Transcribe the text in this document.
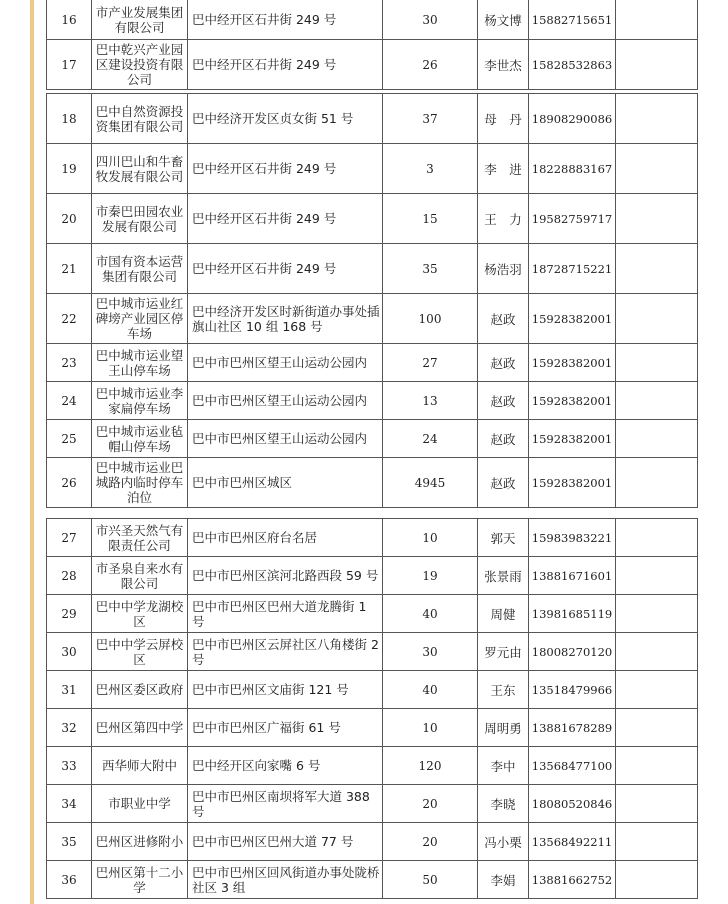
16	市产业发展集团有限公司	巴中经开区石井街 249 号	30	杨文博	15882715651	
17	巴中乾兴产业园区建设投资有限公司	巴中经开区石井街 249 号	26	李世杰	15828532863	
18	巴中自然资源投资集团有限公司	巴中经济开发区贞女街 51 号	37	母　丹	18908290086	
19	四川巴山和牛畜牧发展有限公司	巴中经开区石井街 249 号	3	李　进	18228883167	
20	市秦巴田园农业发展有限公司	巴中经开区石井街 249 号	15	王　力	19582759717	
21	市国有资本运营集团有限公司	巴中经开区石井街 249 号	35	杨浩羽	18728715221	
22	巴中城市运业红碑塝产业园区停车场	巴中经济开发区时新街道办事处插旗山社区 10 组 168 号	100	赵政	15928382001	
23	巴中城市运业望王山停车场	巴中市巴州区望王山运动公园内	27	赵政	15928382001	
24	巴中城市运业李家扁停车场	巴中市巴州区望王山运动公园内	13	赵政	15928382001	
25	巴中城市运业毡帽山停车场	巴中市巴州区望王山运动公园内	24	赵政	15928382001	
26	巴中城市运业巴城路内临时停车泊位	巴中市巴州区城区	4945	赵政	15928382001	
27	市兴圣天然气有限责任公司	巴中市巴州区府台名居	10	郭天	15983983221	
28	市圣泉自来水有限公司	巴中市巴州区滨河北路西段 59 号	19	张景雨	13881671601	
29	巴中中学龙湖校区	巴中市巴州区巴州大道龙腾街 1 号	40	周健	13981685119	
30	巴中中学云屏校区	巴中市巴州区云屏社区八角楼街 2 号	30	罗元由	18008270120	
31	巴州区委区政府	巴中市巴州区文庙街 121 号	40	王东	13518479966	
32	巴州区第四中学	巴中市巴州区广福街 61 号	10	周明勇	13881678289	
33	西华师大附中	巴中经开区向家嘴 6 号	120	李中	13568477100	
34	市职业中学	巴中市巴州区南坝将军大道 388 号	20	李晓	18080520846	
35	巴州区进修附小	巴中市巴州区巴州大道 77 号	20	冯小栗	13568492211	
36	巴州区第十二小学	巴中市巴州区回风街道办事处陇桥社区 3 组	50	李娟	13881662752	
